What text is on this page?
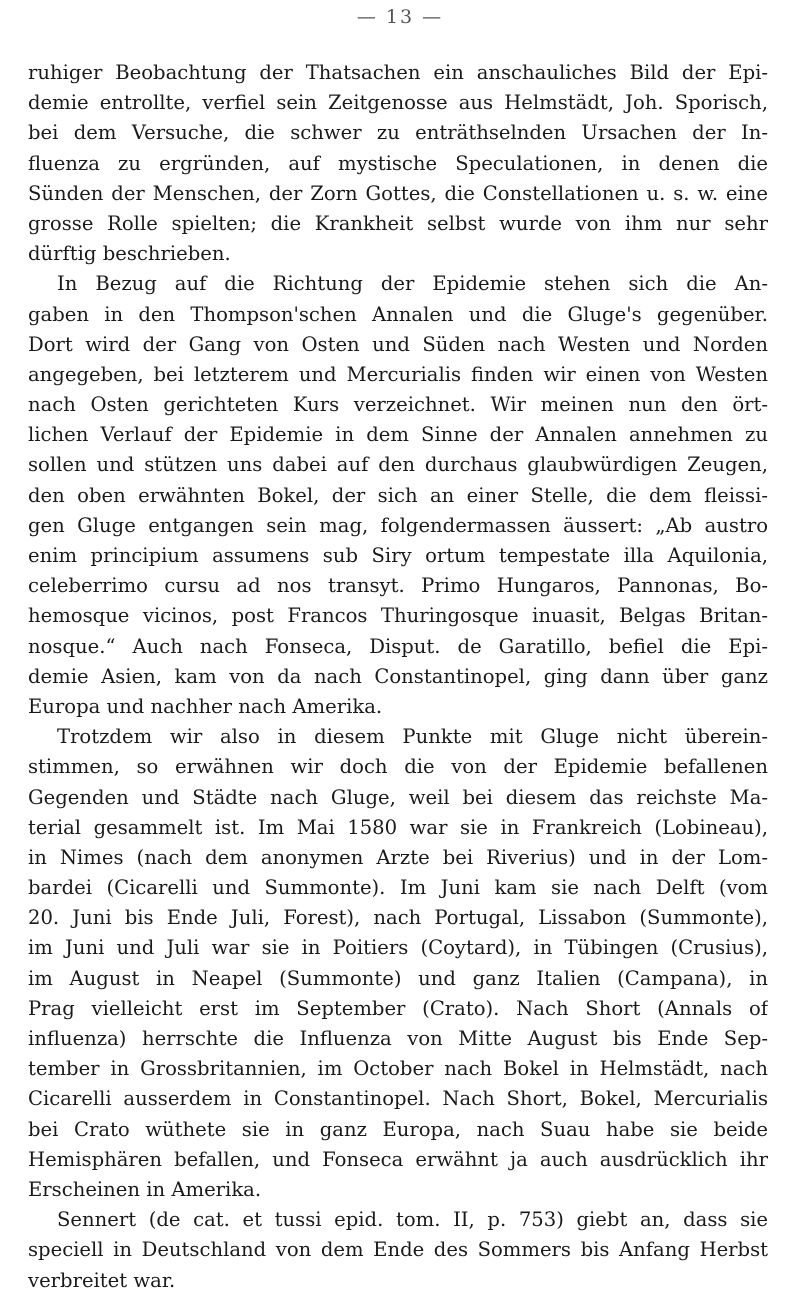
— 13 —
ruhiger Beobachtung der Thatsachen ein anschauliches Bild der Epi-
demie entrollte, verfiel sein Zeitgenosse aus Helmstädt, Joh. Sporisch,
bei dem Versuche, die schwer zu enträthselnden Ursachen der In-
fluenza zu ergründen, auf mystische Speculationen, in denen die
Sünden der Menschen, der Zorn Gottes, die Constellationen u. s. w. eine
grosse Rolle spielten; die Krankheit selbst wurde von ihm nur sehr
dürftig beschrieben.
In Bezug auf die Richtung der Epidemie stehen sich die An-
gaben in den Thompson'schen Annalen und die Gluge's gegenüber.
Dort wird der Gang von Osten und Süden nach Westen und Norden
angegeben, bei letzterem und Mercurialis finden wir einen von Westen
nach Osten gerichteten Kurs verzeichnet. Wir meinen nun den ört-
lichen Verlauf der Epidemie in dem Sinne der Annalen annehmen zu
sollen und stützen uns dabei auf den durchaus glaubwürdigen Zeugen,
den oben erwähnten Bokel, der sich an einer Stelle, die dem fleissi-
gen Gluge entgangen sein mag, folgendermassen äussert: „Ab austro
enim principium assumens sub Siry ortum tempestate illa Aquilonia,
celeberrimo cursu ad nos transyt. Primo Hungaros, Pannonas, Bo-
hemosque vicinos, post Francos Thuringosque inuasit, Belgas Britan-
nosque.“ Auch nach Fonseca, Disput. de Garatillo, befiel die Epi-
demie Asien, kam von da nach Constantinopel, ging dann über ganz
Europa und nachher nach Amerika.
Trotzdem wir also in diesem Punkte mit Gluge nicht überein-
stimmen, so erwähnen wir doch die von der Epidemie befallenen
Gegenden und Städte nach Gluge, weil bei diesem das reichste Ma-
terial gesammelt ist. Im Mai 1580 war sie in Frankreich (Lobineau),
in Nimes (nach dem anonymen Arzte bei Riverius) und in der Lom-
bardei (Cicarelli und Summonte). Im Juni kam sie nach Delft (vom
20. Juni bis Ende Juli, Forest), nach Portugal, Lissabon (Summonte),
im Juni und Juli war sie in Poitiers (Coytard), in Tübingen (Crusius),
im August in Neapel (Summonte) und ganz Italien (Campana), in
Prag vielleicht erst im September (Crato). Nach Short (Annals of
influenza) herrschte die Influenza von Mitte August bis Ende Sep-
tember in Grossbritannien, im October nach Bokel in Helmstädt, nach
Cicarelli ausserdem in Constantinopel. Nach Short, Bokel, Mercurialis
bei Crato wüthete sie in ganz Europa, nach Suau habe sie beide
Hemisphären befallen, und Fonseca erwähnt ja auch ausdrücklich ihr
Erscheinen in Amerika.
Sennert (de cat. et tussi epid. tom. II, p. 753) giebt an, dass sie
speciell in Deutschland von dem Ende des Sommers bis Anfang Herbst
verbreitet war.
